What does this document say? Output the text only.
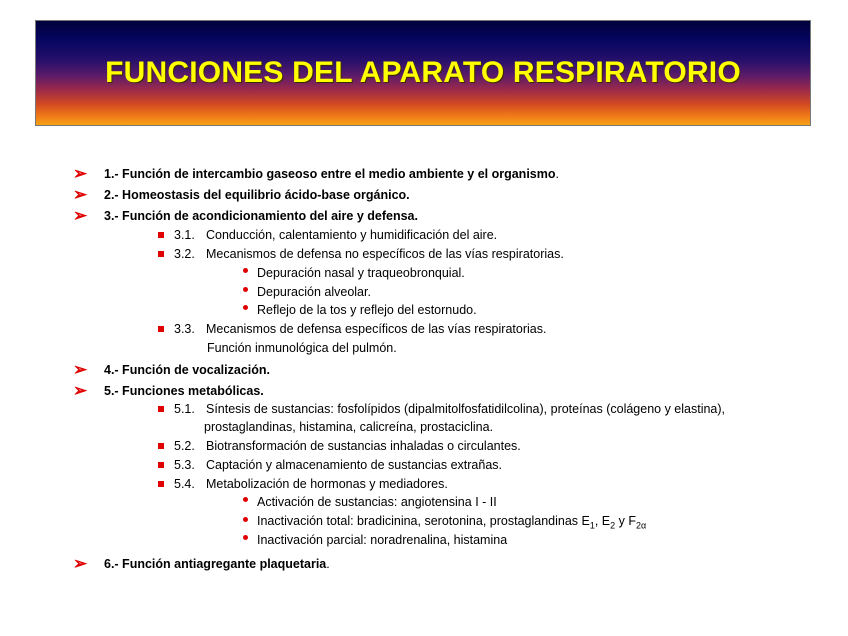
FUNCIONES DEL APARATO RESPIRATORIO
➢	1.- Función de intercambio gaseoso entre el medio ambiente y el organismo .
➢	2.- Homeostasis del equilibrio ácido-base orgánico.
➢	3.- Función de acondicionamiento del aire y defensa.
3.1. Conducción, calentamiento y humidificación del aire.
3.2. Mecanismos de defensa no específicos de las vías respiratorias.
Depuración nasal y traqueobronquial.
Depuración alveolar.
Reflejo de la tos y reflejo del estornudo.
3.3. Mecanismos de defensa específicos de las vías respiratorias.
Función inmunológica del pulmón.
➢	4.- Función de vocalización.
➢	5.- Funciones metabólicas.
5.1. Síntesis de sustancias: fosfolípidos (dipalmitolfosfatidilcolina), proteínas (colágeno y elastina),
prostaglandinas, histamina, calicreína, prostaciclina.
5.2. Biotransformación de sustancias inhaladas o circulantes.
5.3. Captación y almacenamiento de sustancias extrañas.
5.4. Metabolización de hormonas y mediadores.
Activación de sustancias: angiotensina I - II
Inactivación total: bradicinina, serotonina, prostaglandinas $E_1$, $E_2$ y $F_{2\alpha}$
Inactivación parcial: noradrenalina, histamina
➢	6.- Función antiagregante plaquetaria .
